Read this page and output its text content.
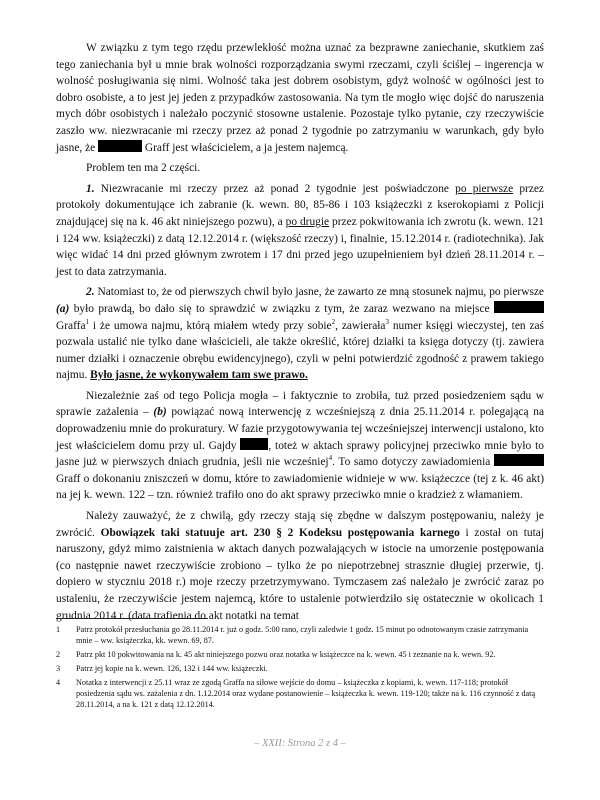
W związku z tym tego rzędu przewlekłość można uznać za bezprawne zaniechanie, skutkiem zaś tego zaniechania był u mnie brak wolności rozporządzania swymi rzeczami, czyli ściślej – ingerencja w wolność posługiwania się nimi. Wolność taka jest dobrem osobistym, gdyż wolność w ogólności jest to dobro osobiste, a to jest jej jeden z przypadków zastosowania. Na tym tle mogło więc dojść do naruszenia mych dóbr osobistych i należało poczynić stosowne ustalenie. Pozostaje tylko pytanie, czy rzeczywiście zaszło ww. niezwracanie mi rzeczy przez aż ponad 2 tygodnie po zatrzymaniu w warunkach, gdy było jasne, że	Graff jest właścicielem, a ja jestem najemcą.

Problem ten ma 2 części.

1. Niezwracanie mi rzeczy przez aż ponad 2 tygodnie jest poświadczone po pierwsze przez protokoły dokumentujące ich zabranie (k. wewn. 80, 85-86 i 103 książeczki z kserokopiami z Policji znajdującej się na k. 46 akt niniejszego pozwu), a po drugie przez pokwitowania ich zwrotu (k. wewn. 121 i 124 ww. książeczki) z datą 12.12.2014 r. (większość rzeczy) i, finalnie, 15.12.2014 r. (radiotechnika). Jak więc widać 14 dni przed głównym zwrotem i 17 dni przed jego uzupełnieniem był dzień 28.11.2014 r. – jest to data zatrzymania.

2. Natomiast to, że od pierwszych chwil było jasne, że zawarto ze mną stosunek najmu, po pierwsze (a) było prawdą, bo dało się to sprawdzić w związku z tym, że zaraz wezwano na miejsce  Graffa$^1$ i że umowa najmu, którą miałem wtedy przy sobie$^2$, zawierała$^3$ numer księgi wieczystej, ten zaś pozwala ustalić nie tylko dane właścicieli, ale także określić, której działki ta księga dotyczy (tj. zawiera numer działki i oznaczenie obrębu ewidencyjnego), czyli w pełni potwierdzić zgodność z prawem takiego najmu. Było jasne, że wykonywałem tam swe prawo.

Niezależnie zaś od tego Policja mogła – i faktycznie to zrobiła, tuż przed posiedzeniem sądu w sprawie zażalenia – (b) powiązać nową interwencję z wcześniejszą z dnia 25.11.2014 r. polegającą na doprowadzeniu mnie do prokuratury. W fazie przygotowywania tej wcześniejszej interwencji ustalono, kto jest właścicielem domu przy ul. Gajdy , toteż w aktach sprawy policyjnej przeciwko mnie było to jasne już w pierwszych dniach grudnia, jeśli nie wcześniej$^4$. To samo dotyczy zawiadomienia  Graff o dokonaniu zniszczeń w domu, które to zawiadomienie widnieje w ww. książeczce (tej z k. 46 akt) na jej k. wewn. 122 – tzn. również trafiło ono do akt sprawy przeciwko mnie o kradzież z włamaniem.

Należy zauważyć, że z chwilą, gdy rzeczy stają się zbędne w dalszym postępowaniu, należy je zwrócić. Obowiązek taki statuuje art. 230 § 2 Kodeksu postępowania karnego i został on tutaj naruszony, gdyż mimo zaistnienia w aktach danych pozwalających w istocie na umorzenie postępowania (co następnie nawet rzeczywiście zrobiono – tylko że po niepotrzebnej strasznie długiej przerwie, tj. dopiero w styczniu 2018 r.) moje rzeczy przetrzymywano. Tymczasem zaś należało je zwrócić zaraz po ustaleniu, że rzeczywiście jestem najemcą, które to ustalenie potwierdziło się ostatecznie w okolicach 1 grudnia 2014 r. (data trafienia do akt notatki na temat

1	Patrz protokół przesłuchania go 28.11.2014 r. już o godz. 5:00 rano, czyli zaledwie 1 godz. 15 minut po odnotowanym czasie zatrzymania mnie – ww. książeczka, kk. wewn. 69, 87.
2	Patrz pkt 10 pokwitowania na k. 45 akt niniejszego pozwu oraz notatka w książeczce na k. wewn. 45 i zeznanie na k. wewn. 92.
3	Patrz jej kopie na k. wewn. 126, 132 i 144 ww. książeczki.
4	Notatka z interwencji z 25.11 wraz ze zgodą Graffa na siłowe wejście do domu – książeczka z kopiami, k. wewn. 117-118; protokół posiedzenia sądu ws. zażalenia z dn. 1.12.2014 oraz wydane postanowienie – książeczka k. wewn. 119-120; także na k. 116 czynność z datą 28.11.2014, a na k. 121 z datą 12.12.2014.
– XXII: Strona 2 z 4 –
